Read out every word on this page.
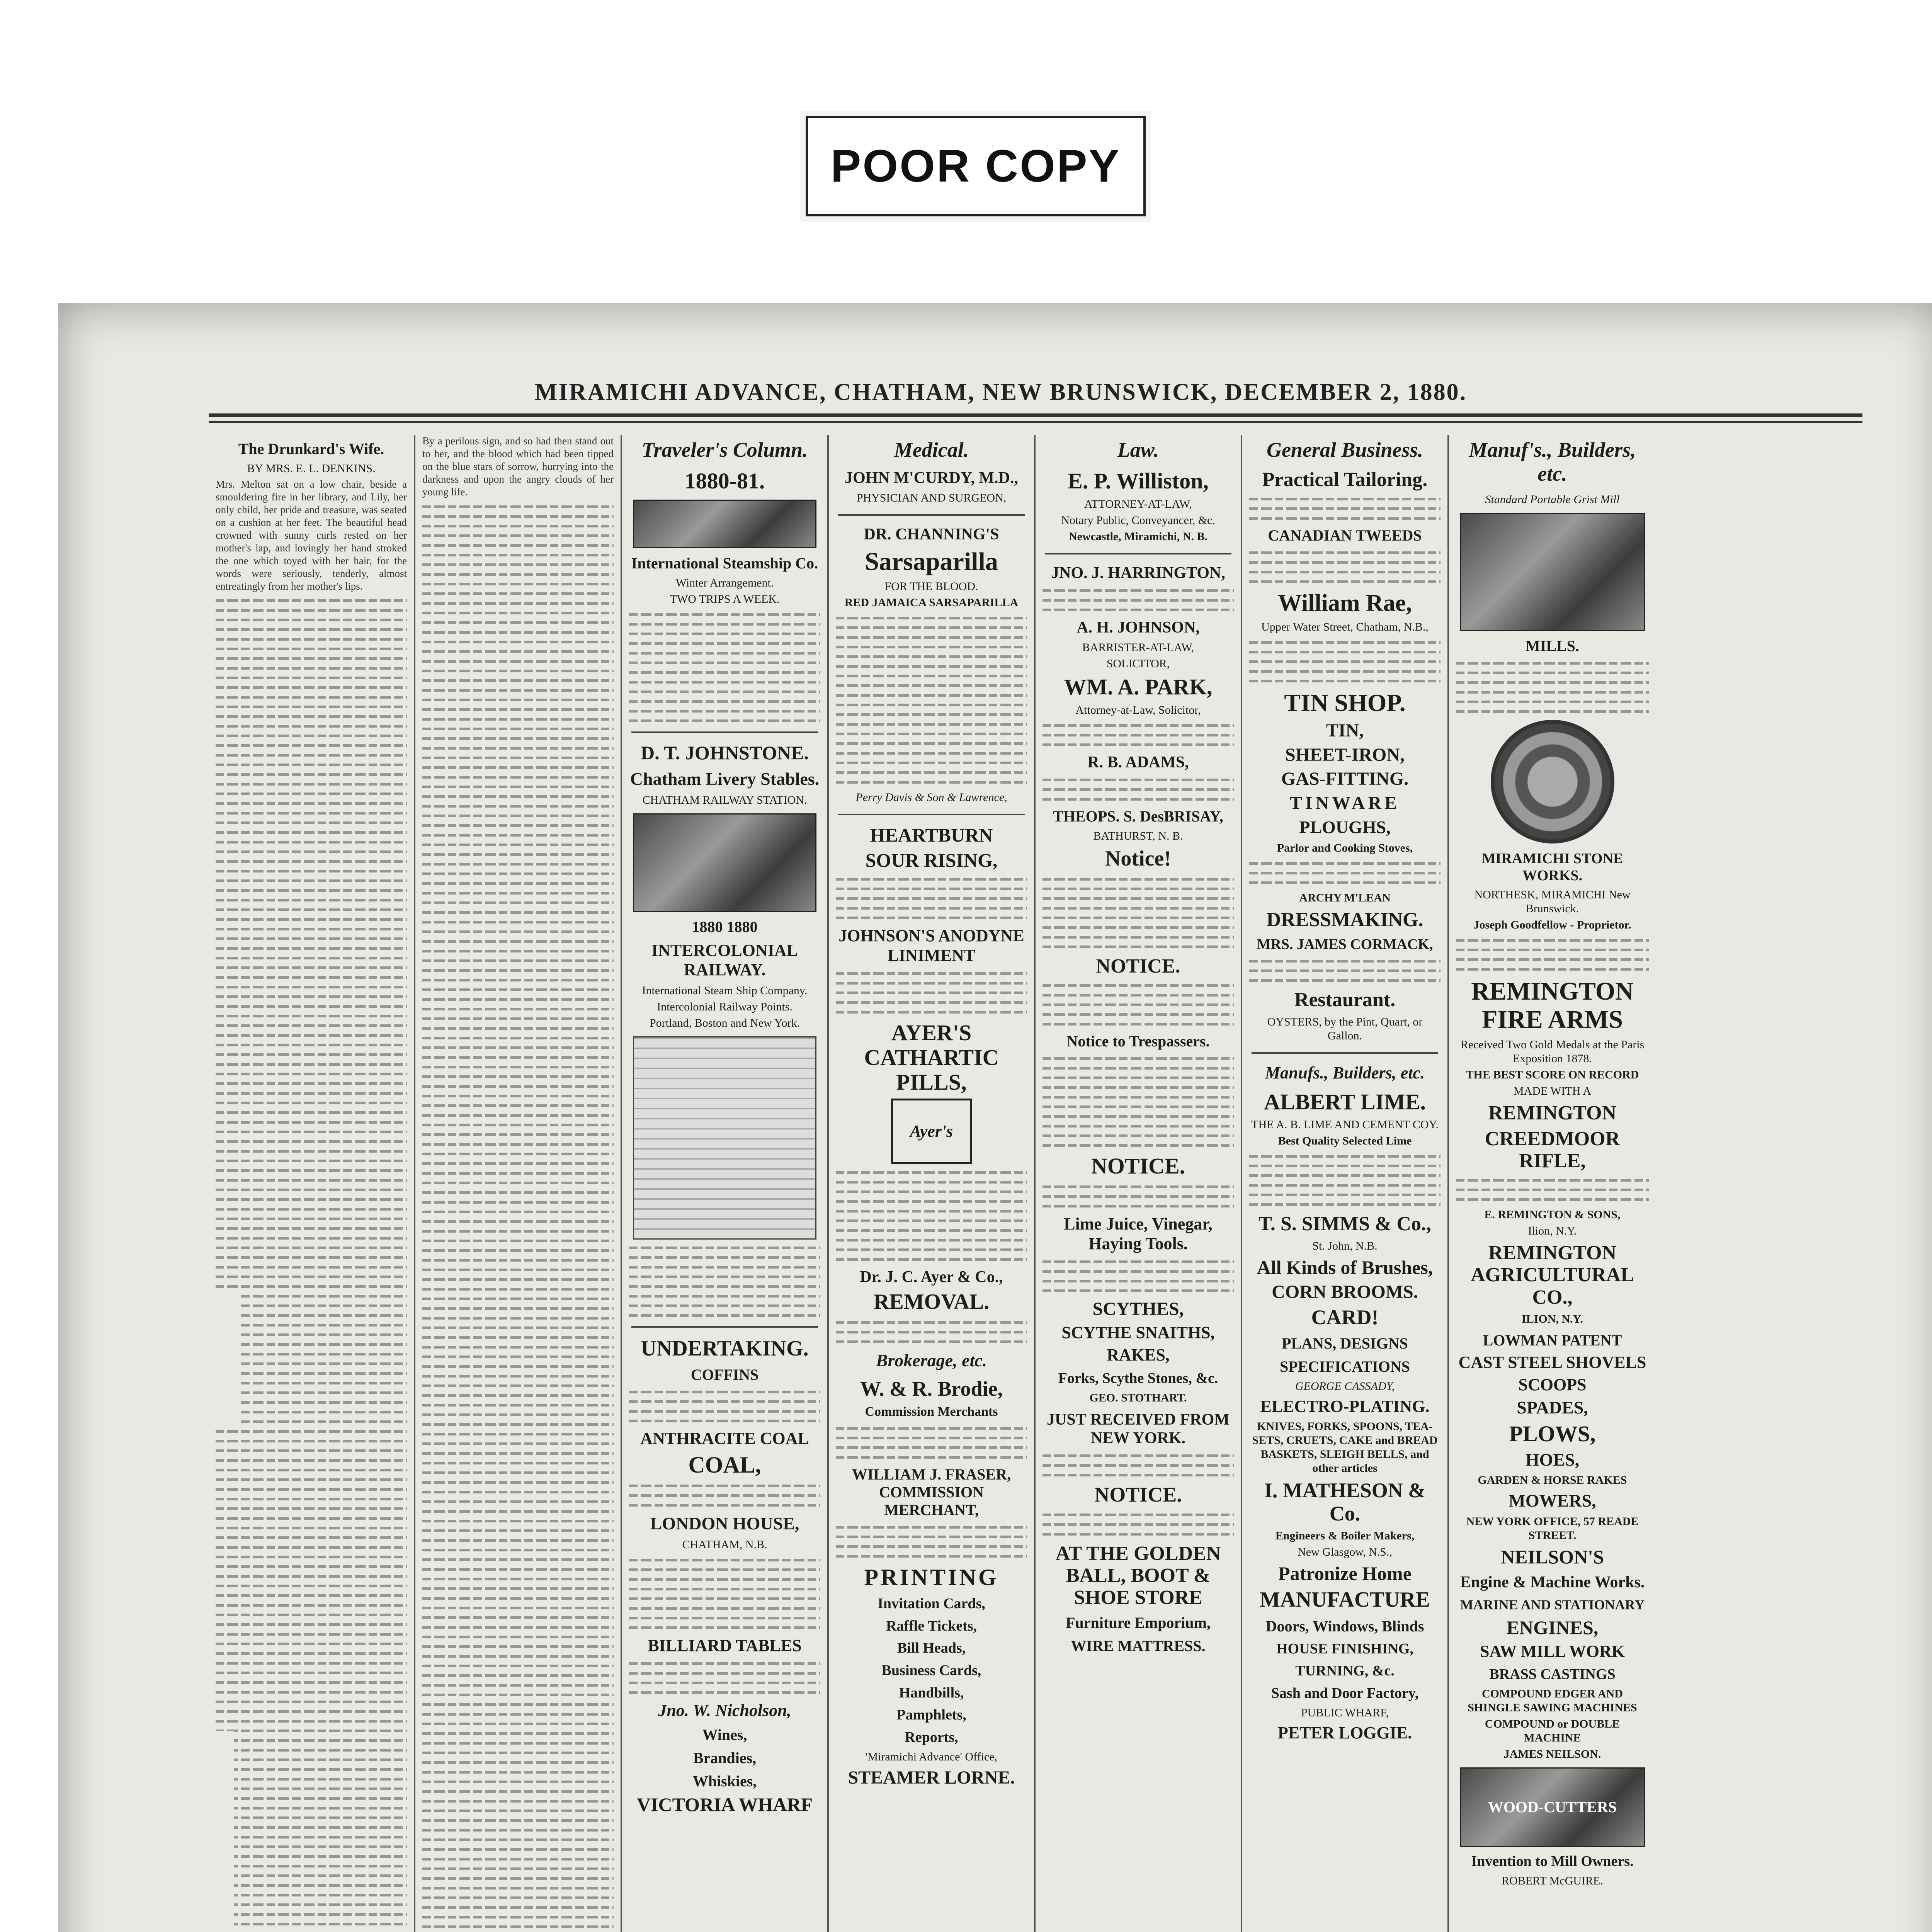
POOR COPY
MIRAMICHI ADVANCE, CHATHAM, NEW BRUNSWICK, DECEMBER 2, 1880.
The Drunkard's Wife.
BY MRS. E. L. DENKINS.
Mrs. Melton sat on a low chair, beside a smouldering fire in her library, and Lily, her only child, her pride and treasure, was seated on a cushion at her feet. The beautiful head crowned with sunny curls rested on her mother's lap, and lovingly her hand stroked the one which toyed with her hair, for the words were seriously, tenderly, almost entreatingly from her mother's lips.
By a perilous sign, and so had then stand out to her, and the blood which had been tipped on the blue stars of sorrow, hurrying into the darkness and upon the angry clouds of her young life.
Traveler's Column.
1880-81.
International Steamship Co.
Winter Arrangement.
TWO TRIPS A WEEK.
D. T. JOHNSTONE.
Chatham Livery Stables.
CHATHAM RAILWAY STATION.
1880 1880
INTERCOLONIAL RAILWAY.
International Steam Ship Company.
Intercolonial Railway Points.
Portland, Boston and New York.
UNDERTAKING.
COFFINS
ANTHRACITE COAL
COAL,
LONDON HOUSE,
CHATHAM, N.B.
BILLIARD TABLES
Jno. W. Nicholson,
Wines,
Brandies,
Whiskies,
VICTORIA WHARF
Medical.
JOHN M'CURDY, M.D.,
PHYSICIAN AND SURGEON,
DR. CHANNING'S
Sarsaparilla
FOR THE BLOOD.
RED JAMAICA SARSAPARILLA
Perry Davis & Son & Lawrence,
HEARTBURN
SOUR RISING,
JOHNSON'S ANODYNE LINIMENT
AYER'S CATHARTIC PILLS,
Ayer's
Dr. J. C. Ayer & Co.,
REMOVAL.
Brokerage, etc.
W. & R. Brodie,
Commission Merchants
WILLIAM J. FRASER, COMMISSION MERCHANT,
PRINTING
Invitation Cards,
Raffle Tickets,
Bill Heads,
Business Cards,
Handbills,
Pamphlets,
Reports,
'Miramichi Advance' Office,
STEAMER LORNE.
Law.
E. P. Williston,
ATTORNEY-AT-LAW,
Notary Public, Conveyancer, &c.
Newcastle, Miramichi, N. B.
JNO. J. HARRINGTON,
A. H. JOHNSON,
BARRISTER-AT-LAW,
SOLICITOR,
WM. A. PARK,
Attorney-at-Law, Solicitor,
R. B. ADAMS,
THEOPS. S. DesBRISAY,
BATHURST, N. B.
Notice!
NOTICE.
Notice to Trespassers.
NOTICE.
Lime Juice, Vinegar, Haying Tools.
SCYTHES,
SCYTHE SNAITHS,
RAKES,
Forks, Scythe Stones, &c.
GEO. STOTHART.
JUST RECEIVED FROM NEW YORK.
NOTICE.
AT THE GOLDEN BALL, BOOT & SHOE STORE
Furniture Emporium,
WIRE MATTRESS.
General Business.
Practical Tailoring.
CANADIAN TWEEDS
William Rae,
Upper Water Street, Chatham, N.B.,
TIN SHOP.
TIN,
SHEET-IRON,
GAS-FITTING.
TINWARE
PLOUGHS,
Parlor and Cooking Stoves,
ARCHY M'LEAN
DRESSMAKING.
MRS. JAMES CORMACK,
Restaurant.
OYSTERS, by the Pint, Quart, or Gallon.
Manufs., Builders, etc.
ALBERT LIME.
THE A. B. LIME AND CEMENT COY.
Best Quality Selected Lime
T. S. SIMMS & Co.,
St. John, N.B.
All Kinds of Brushes,
CORN BROOMS.
CARD!
PLANS, DESIGNS
SPECIFICATIONS
GEORGE CASSADY,
ELECTRO-PLATING.
KNIVES, FORKS, SPOONS, TEA-SETS, CRUETS, CAKE and BREAD BASKETS, SLEIGH BELLS, and other articles
I. MATHESON & Co.
Engineers & Boiler Makers,
New Glasgow, N.S.,
Patronize Home
MANUFACTURE
Doors, Windows, Blinds
HOUSE FINISHING,
TURNING, &c.
Sash and Door Factory,
PUBLIC WHARF,
PETER LOGGIE.
Manuf's., Builders, etc.
Standard Portable Grist Mill
MILLS.
MIRAMICHI STONE WORKS.
NORTHESK, MIRAMICHI New Brunswick.
Joseph Goodfellow - Proprietor.
REMINGTON FIRE ARMS
Received Two Gold Medals at the Paris Exposition 1878.
THE BEST SCORE ON RECORD
MADE WITH A
REMINGTON
CREEDMOOR RIFLE,
E. REMINGTON & SONS,
Ilion, N.Y.
REMINGTON AGRICULTURAL CO.,
ILION, N.Y.
LOWMAN PATENT
CAST STEEL SHOVELS
SCOOPS
SPADES,
PLOWS,
HOES,
GARDEN & HORSE RAKES
MOWERS,
NEW YORK OFFICE, 57 READE STREET.
NEILSON'S
Engine & Machine Works.
MARINE AND STATIONARY
ENGINES,
SAW MILL WORK
BRASS CASTINGS
COMPOUND EDGER AND SHINGLE SAWING MACHINES
COMPOUND or DOUBLE MACHINE
JAMES NEILSON.
WOOD-CUTTERS
Invention to Mill Owners.
ROBERT McGUIRE.
